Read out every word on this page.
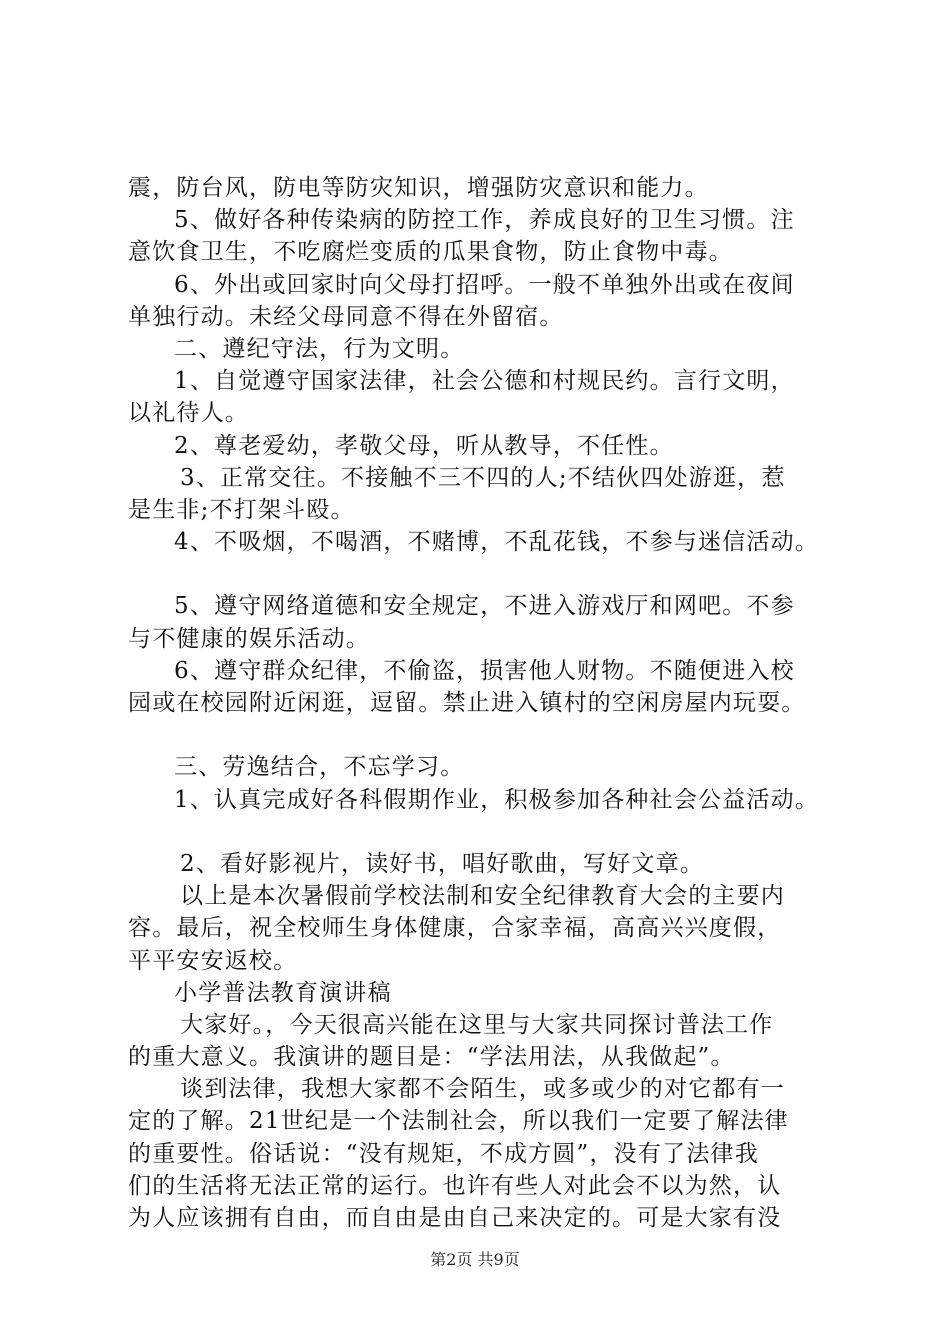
震，防台风，防电等防灾知识，增强防灾意识和能力。
5、做好各种传染病的防控工作，养成良好的卫生习惯。注
意饮食卫生，不吃腐烂变质的瓜果食物，防止食物中毒。
6、外出或回家时向父母打招呼。一般不单独外出或在夜间
单独行动。未经父母同意不得在外留宿。
二、遵纪守法，行为文明。
1、自觉遵守国家法律，社会公德和村规民约。言行文明，
以礼待人。
2、尊老爱幼，孝敬父母，听从教导，不任性。
3、正常交往。不接触不三不四的人;不结伙四处游逛，惹
是生非;不打架斗殴。
4、不吸烟，不喝酒，不赌博，不乱花钱，不参与迷信活动。
5、遵守网络道德和安全规定，不进入游戏厅和网吧。不参
与不健康的娱乐活动。
6、遵守群众纪律，不偷盗，损害他人财物。不随便进入校
园或在校园附近闲逛，逗留。禁止进入镇村的空闲房屋内玩耍。
三、劳逸结合，不忘学习。
1、认真完成好各科假期作业，积极参加各种社会公益活动。
2、看好影视片，读好书，唱好歌曲，写好文章。
以上是本次暑假前学校法制和安全纪律教育大会的主要内
容。最后，祝全校师生身体健康，合家幸福，高高兴兴度假，
平平安安返校。
小学普法教育演讲稿
大家好。，今天很高兴能在这里与大家共同探讨普法工作
的重大意义。我演讲的题目是：“学法用法，从我做起”。
谈到法律，我想大家都不会陌生，或多或少的对它都有一
定的了解。21世纪是一个法制社会，所以我们一定要了解法律
的重要性。俗话说：“没有规矩，不成方圆”，没有了法律我
们的生活将无法正常的运行。也许有些人对此会不以为然，认
为人应该拥有自由，而自由是由自己来决定的。可是大家有没
第2页 共9页
